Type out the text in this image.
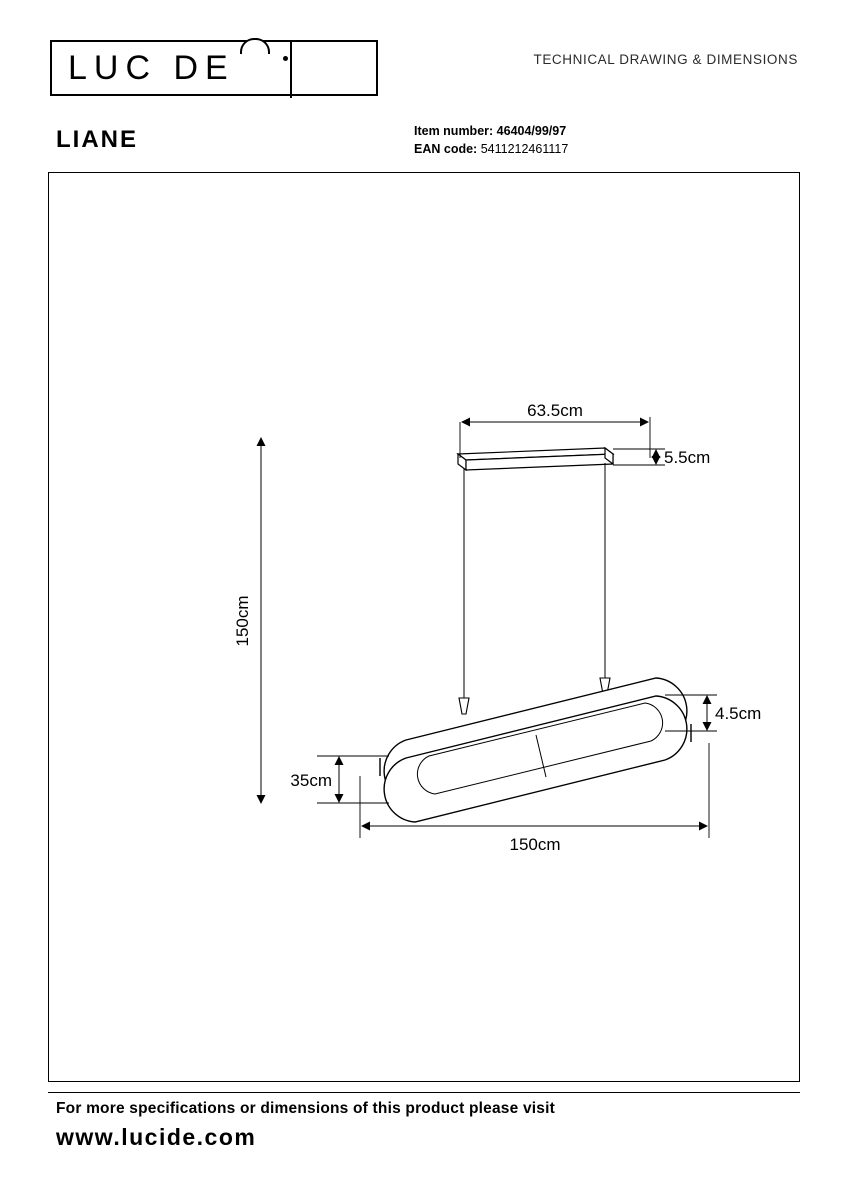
LUC DE	TECHNICAL DRAWING & DIMENSIONS
LIANE	Item number: 46404/99/97
EAN code: 5411212461117
63.5cm
5.5cm
150cm
35cm
4.5cm
150cm
For more specifications or dimensions of this product please visit
www.lucide.com
